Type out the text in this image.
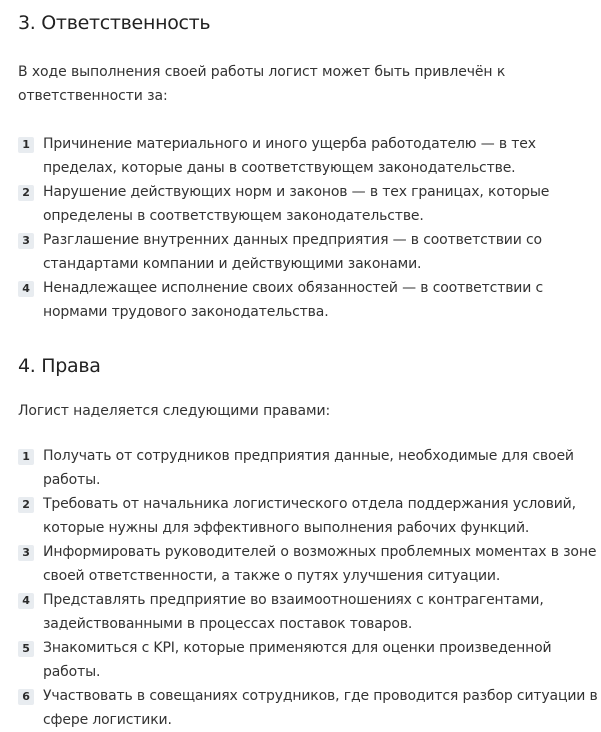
3. Ответственность

В ходе выполнения своей работы логист может быть привлечён к ответственности за:

1 Причинение материального и иного ущерба работодателю — в тех пределах, которые даны в соответствующем законодательстве.
2 Нарушение действующих норм и законов — в тех границах, которые определены в соответствующем законодательстве.
3 Разглашение внутренних данных предприятия — в соответствии со стандартами компании и действующими законами.
4 Ненадлежащее исполнение своих обязанностей — в соответствии с нормами трудового законодательства.
4. Права

Логист наделяется следующими правами:

1 Получать от сотрудников предприятия данные, необходимые для своей работы.
2 Требовать от начальника логистического отдела поддержания условий, которые нужны для эффективного выполнения рабочих функций.
3 Информировать руководителей о возможных проблемных моментах в зоне своей ответственности, а также о путях улучшения ситуации.
4 Представлять предприятие во взаимоотношениях с контрагентами, задействованными в процессах поставок товаров.
5 Знакомиться с KPI, которые применяются для оценки произведенной работы.
6 Участвовать в совещаниях сотрудников, где проводится разбор ситуации в сфере логистики.
